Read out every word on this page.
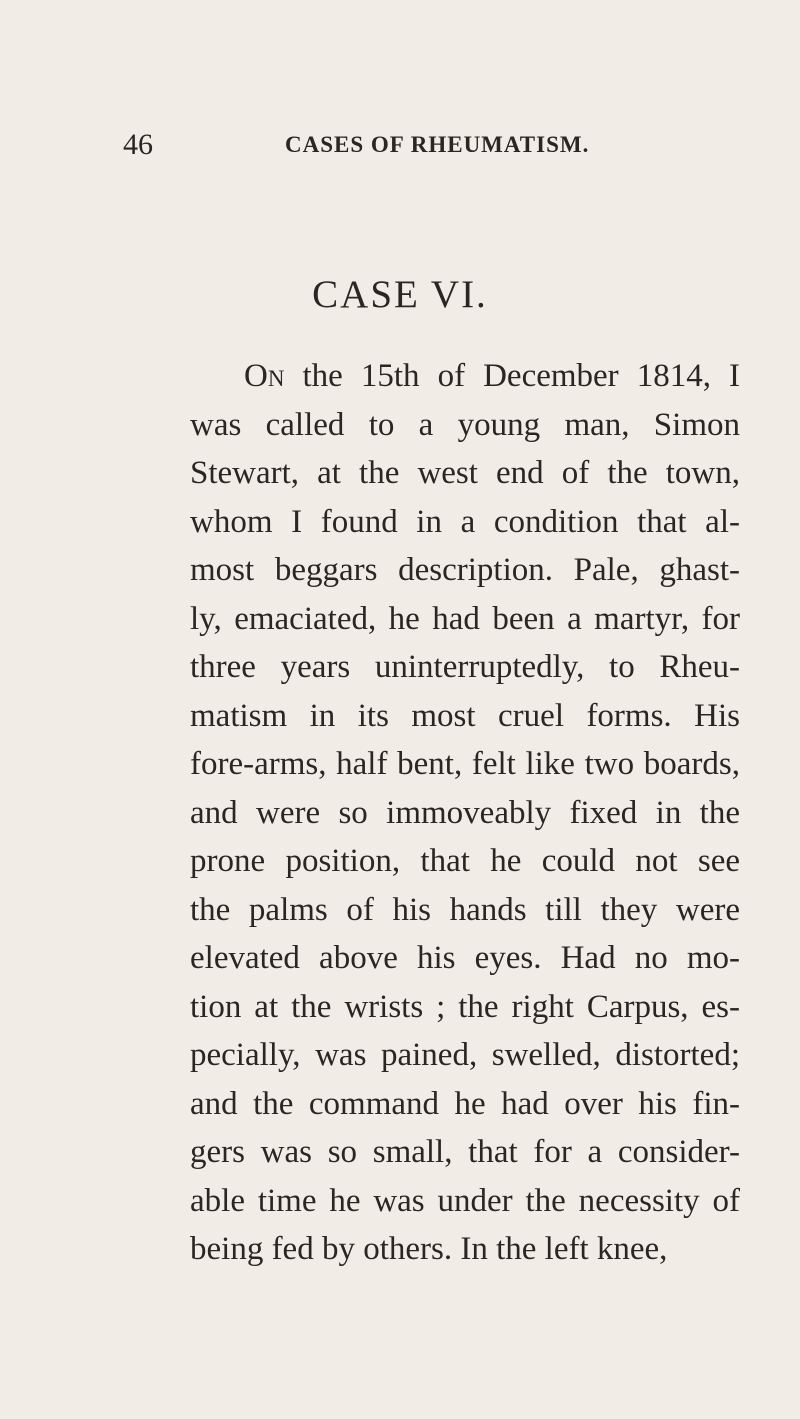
46	CASES OF RHEUMATISM.
CASE VI.
On the 15th of December 1814, I
was called to a young man, Simon
Stewart, at the west end of the town,
whom I found in a condition that al-
most beggars description. Pale, ghast-
ly, emaciated, he had been a martyr, for
three years uninterruptedly, to Rheu-
matism in its most cruel forms. His
fore-arms, half bent, felt like two boards,
and were so immoveably fixed in the
prone position, that he could not see
the palms of his hands till they were
elevated above his eyes. Had no mo-
tion at the wrists ; the right Carpus, es-
pecially, was pained, swelled, distorted;
and the command he had over his fin-
gers was so small, that for a consider-
able time he was under the necessity of
being fed by others. In the left knee,
